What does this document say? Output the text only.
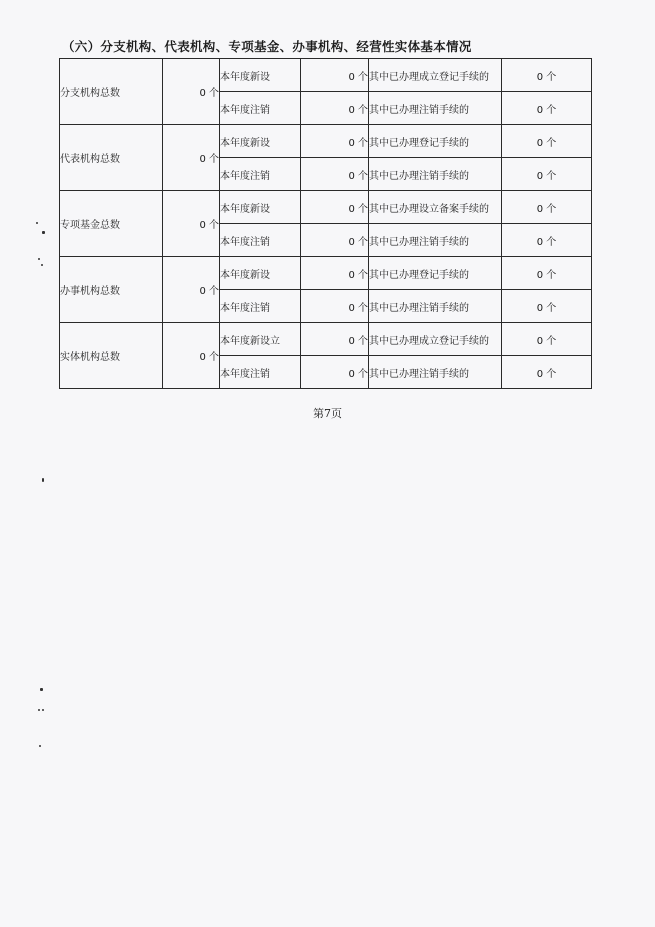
（六）分支机构、代表机构、专项基金、办事机构、经营性实体基本情况
分支机构总数	0 个	本年度新设	0 个	其中已办理成立登记手续的	0 个
		本年度注销	0 个	其中已办理注销手续的	0 个
代表机构总数	0 个	本年度新设	0 个	其中已办理登记手续的	0 个
		本年度注销	0 个	其中已办理注销手续的	0 个
专项基金总数	0 个	本年度新设	0 个	其中已办理设立备案手续的	0 个
		本年度注销	0 个	其中已办理注销手续的	0 个
办事机构总数	0 个	本年度新设	0 个	其中已办理登记手续的	0 个
		本年度注销	0 个	其中已办理注销手续的	0 个
实体机构总数	0 个	本年度新设立	0 个	其中已办理成立登记手续的	0 个
		本年度注销	0 个	其中已办理注销手续的	0 个
第7页
